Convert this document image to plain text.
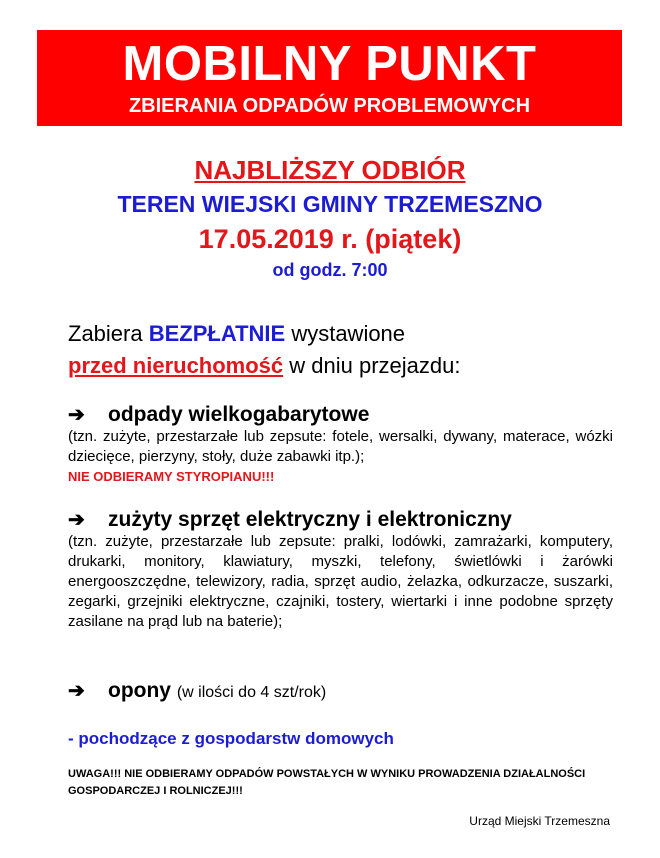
MOBILNY PUNKT
ZBIERANIA ODPADÓW PROBLEMOWYCH
NAJBLIŻSZY ODBIÓR
TEREN WIEJSKI GMINY TRZEMESZNO
17.05.2019 r. (piątek)
od godz. 7:00
Zabiera BEZPŁATNIE wystawione
przed nieruchomość w dniu przejazdu:
➔ odpady wielkogabarytowe
(tzn. zużyte, przestarzałe lub zepsute: fotele, wersalki, dywany, materace, wózki dziecięce, pierzyny, stoły, duże zabawki itp.);
NIE ODBIERAMY STYROPIANU!!!
➔ zużyty sprzęt elektryczny i elektroniczny
(tzn. zużyte, przestarzałe lub zepsute: pralki, lodówki, zamrażarki, komputery, drukarki, monitory, klawiatury, myszki, telefony, świetlówki i żarówki energooszczędne, telewizory, radia, sprzęt audio, żelazka, odkurzacze, suszarki, zegarki, grzejniki elektryczne, czajniki, tostery, wiertarki i inne podobne sprzęty zasilane na prąd lub na baterie);
➔ opony (w ilości do 4 szt/rok)
- pochodzące z gospodarstw domowych
UWAGA!!! NIE ODBIERAMY ODPADÓW POWSTAŁYCH W WYNIKU PROWADZENIA DZIAŁALNOŚCI GOSPODARCZEJ I ROLNICZEJ!!!
Urząd Miejski Trzemeszna
